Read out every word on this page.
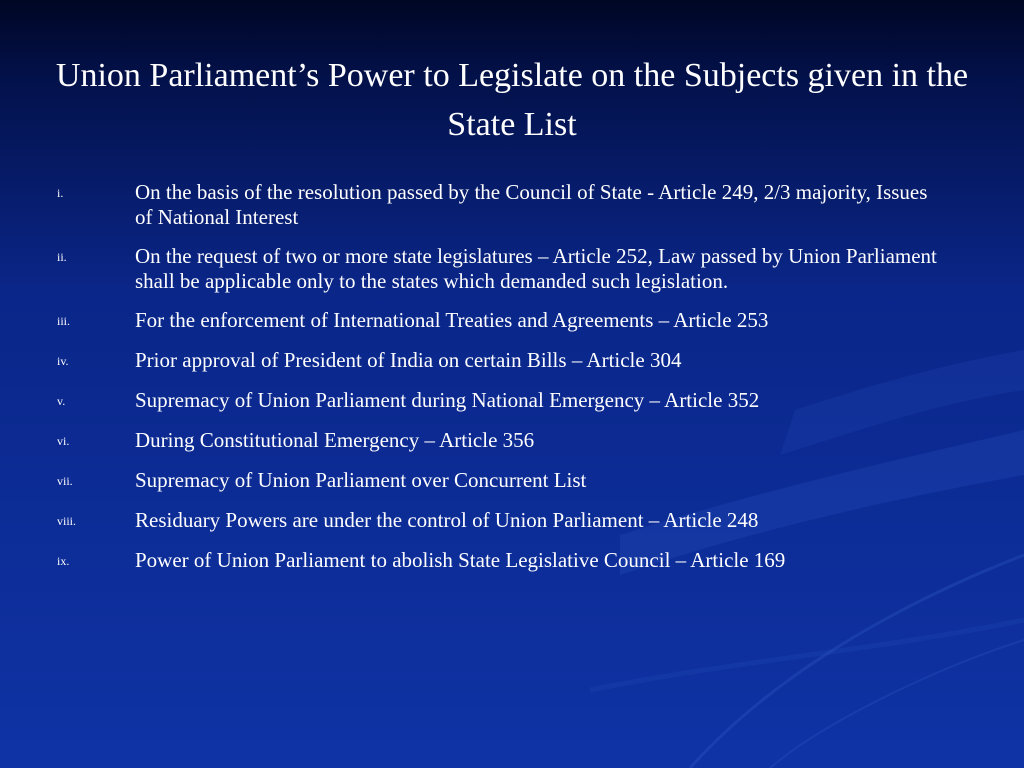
Union Parliament’s Power to Legislate on the Subjects given in the State List
i.	On the basis of the resolution passed by the Council of State - Article 249, 2/3 majority, Issues of National Interest
ii.	On the request of two or more state legislatures – Article 252, Law passed by Union Parliament shall be applicable only to the states which demanded such legislation.
iii.	For the enforcement of International Treaties and Agreements – Article 253
iv.	Prior approval of President of India on certain Bills – Article 304
v.	Supremacy of Union Parliament during National Emergency – Article 352
vi.	During Constitutional Emergency – Article 356
vii.	Supremacy of Union Parliament over Concurrent List
viii.	Residuary Powers are under the control of Union Parliament – Article 248
ix.	Power of Union Parliament to abolish State Legislative Council – Article 169
